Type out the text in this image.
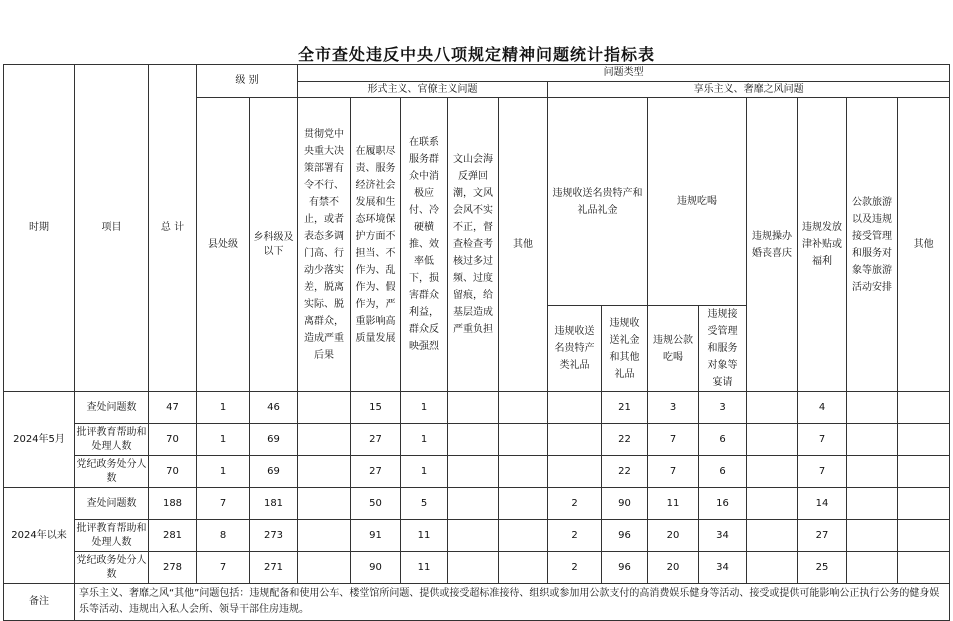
全市查处违反中央八项规定精神问题统计指标表
时期	项目	总 计	级 别		问题类型												
					形式主义、官僚主义问题					享乐主义、奢靡之风问题							
			县处级	乡科级及以下	贯彻党中央重大决策部署有令不行、有禁不止，或者表态多调门高、行动少落实差，脱离实际、脱离群众，造成严重后果	在履职尽责、服务经济社会发展和生态环境保护方面不担当、不作为、乱作为、假作为，严重影响高质量发展	在联系服务群众中消极应付、冷硬横推、效率低下，损害群众利益，群众反映强烈	文山会海反弹回潮，文风会风不实不正，督查检查考核过多过频、过度留痕，给基层造成严重负担	其他	违规收送名贵特产和礼品礼金		违规吃喝		违规操办婚丧喜庆	违规发放津补贴或福利	公款旅游以及违规接受管理和服务对象等旅游活动安排	其他

										违规收送名贵特产类礼品	违规收送礼金和其他礼品	违规公款吃喝	违规接受管理和服务对象等宴请				

2024年5月	查处问题数	47	1	46		15	1				21	3	3		4		
	批评教育帮助和处理人数	70	1	69		27	1				22	7	6		7		
	党纪政务处分人数	70	1	69		27	1				22	7	6		7		
2024年以来	查处问题数	188	7	181		50	5			2	90	11	16		14		
	批评教育帮助和处理人数	281	8	273		91	11			2	96	20	34		27		
	党纪政务处分人数	278	7	271		90	11			2	96	20	34		25		
备注	享乐主义、奢靡之风“其他”问题包括：违规配备和使用公车、楼堂馆所问题、提供或接受超标准接待、组织或参加用公款支付的高消费娱乐健身等活动、接受或提供可能影响公正执行公务的健身娱乐等活动、违规出入私人会所、领导干部住房违规。																
